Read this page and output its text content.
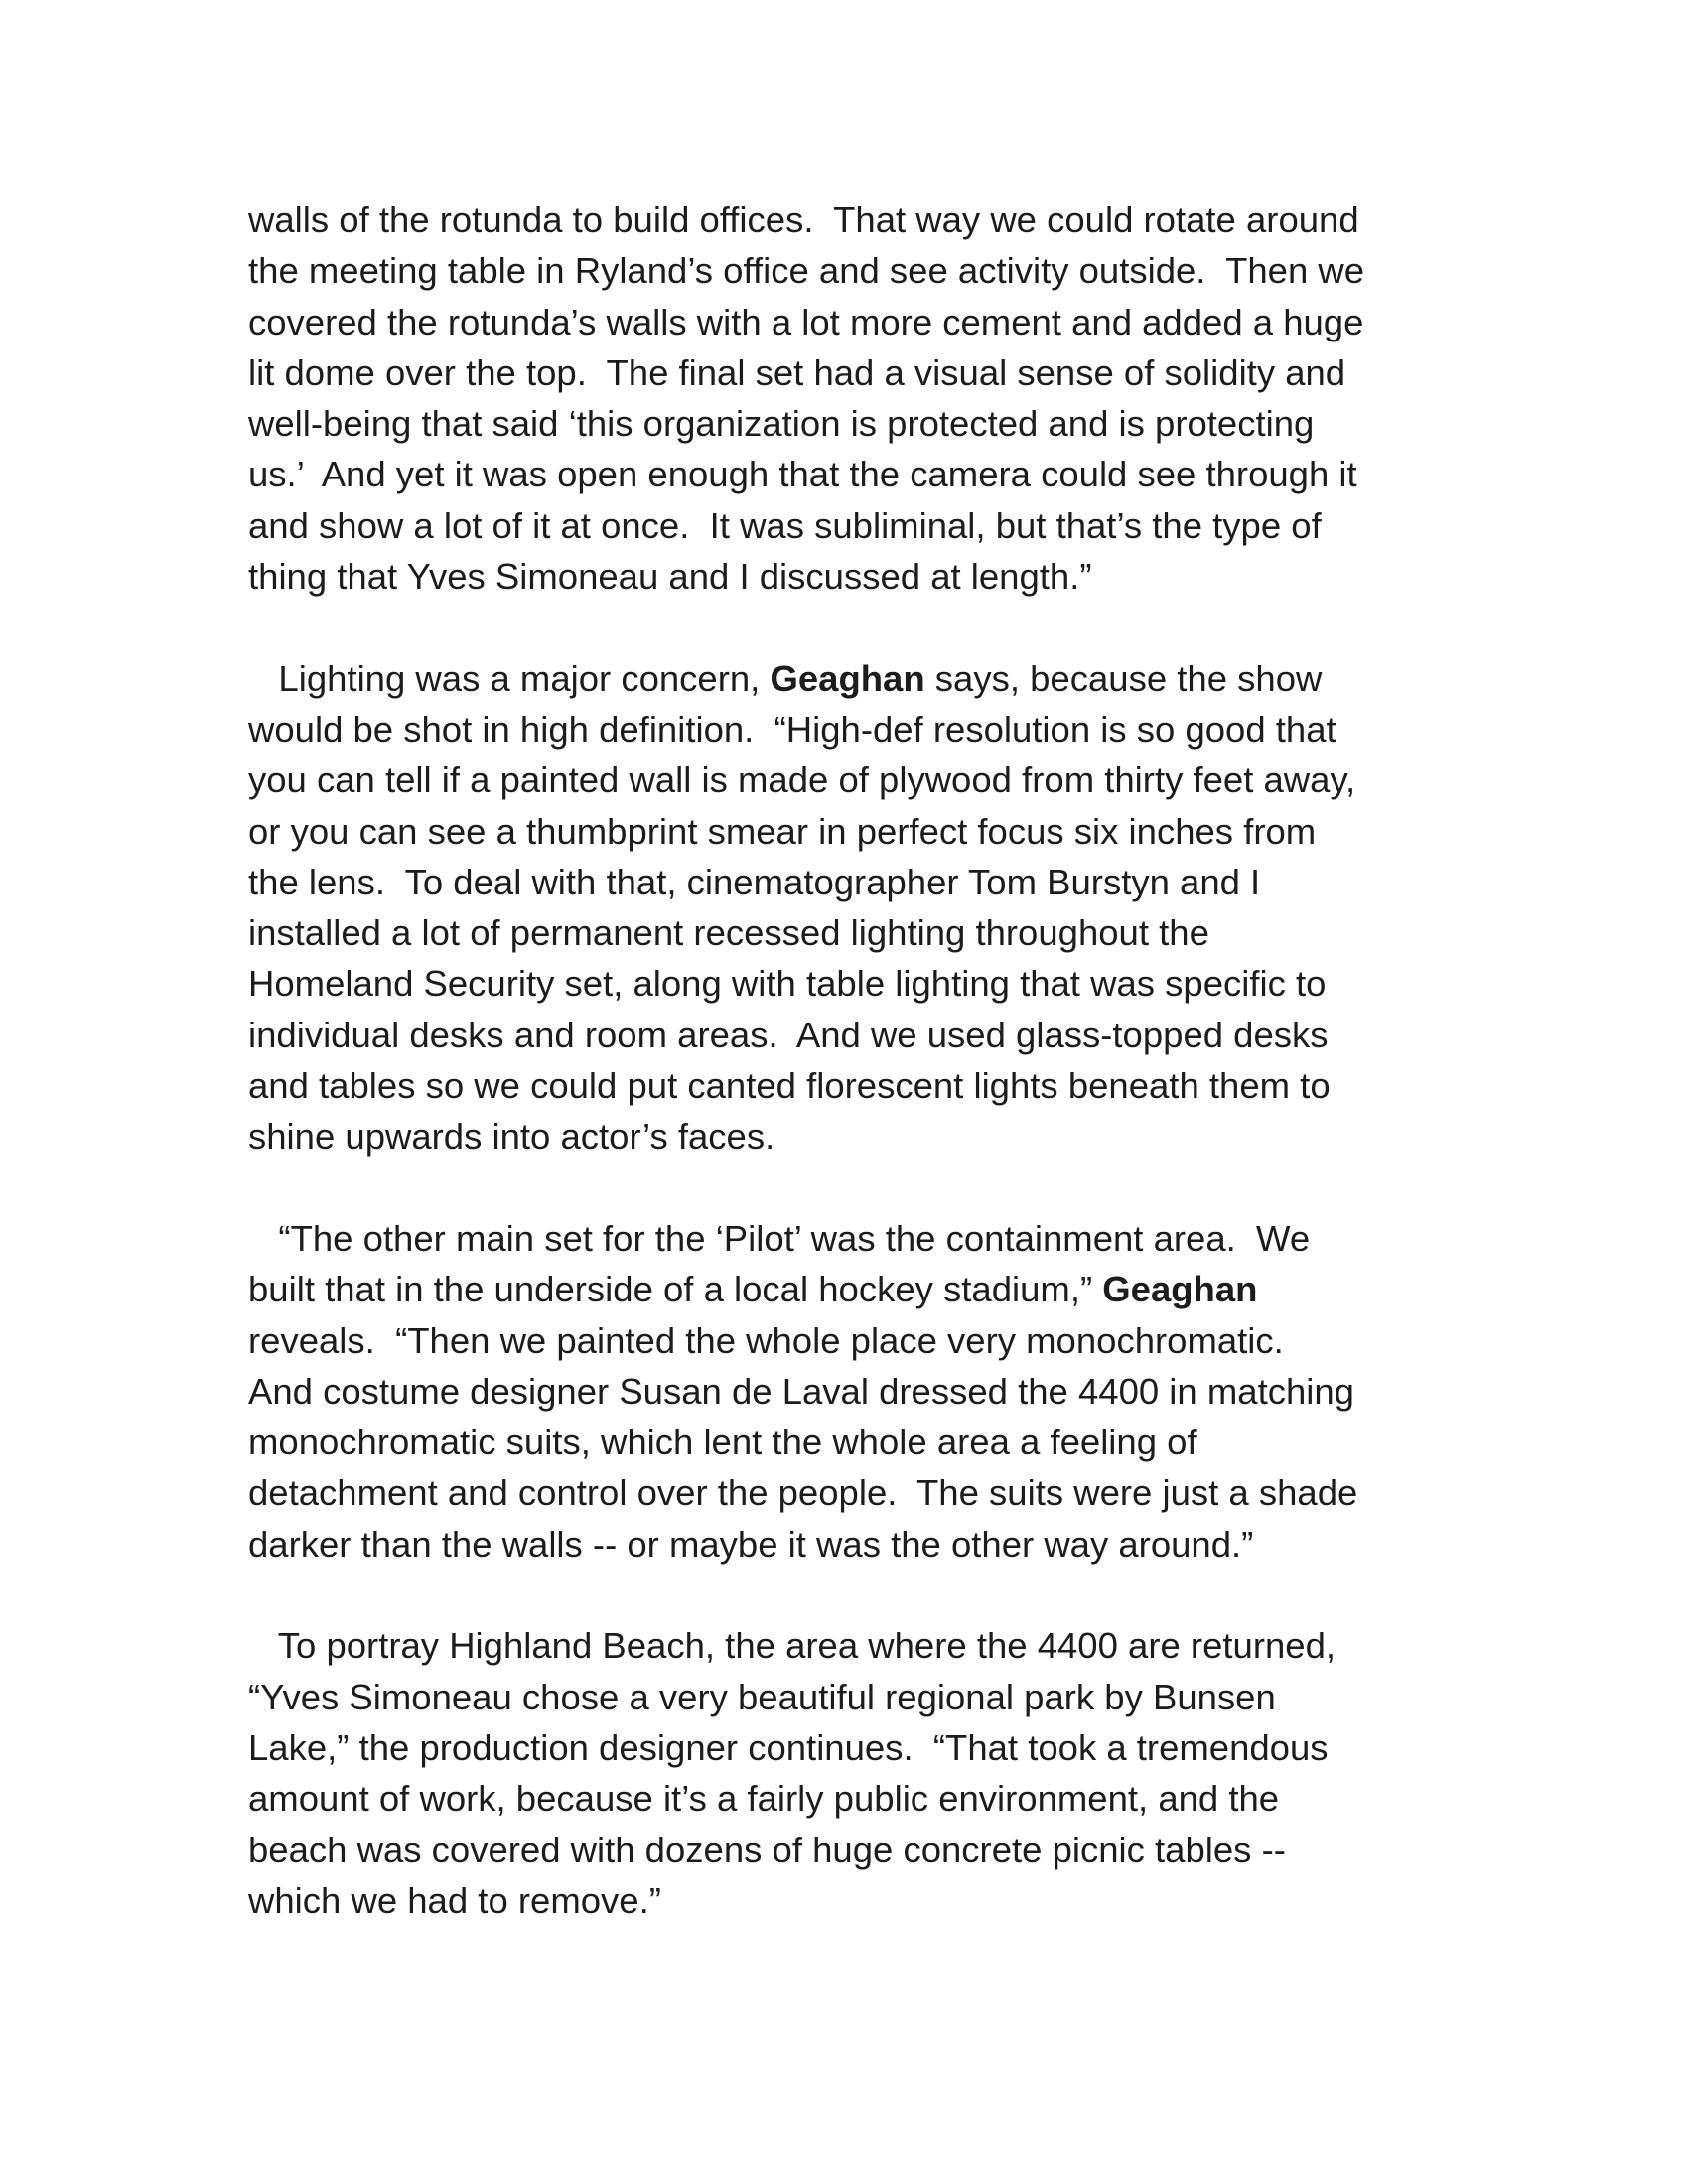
walls of the rotunda to build offices.  That way we could rotate around
the meeting table in Ryland’s office and see activity outside.  Then we
covered the rotunda’s walls with a lot more cement and added a huge
lit dome over the top.  The final set had a visual sense of solidity and
well-being that said ‘this organization is protected and is protecting
us.’  And yet it was open enough that the camera could see through it
and show a lot of it at once.  It was subliminal, but that’s the type of
thing that Yves Simoneau and I discussed at length.”
Lighting was a major concern, Geaghan says, because the show
would be shot in high definition.  “High-def resolution is so good that
you can tell if a painted wall is made of plywood from thirty feet away,
or you can see a thumbprint smear in perfect focus six inches from
the lens.  To deal with that, cinematographer Tom Burstyn and I
installed a lot of permanent recessed lighting throughout the
Homeland Security set, along with table lighting that was specific to
individual desks and room areas.  And we used glass-topped desks
and tables so we could put canted florescent lights beneath them to
shine upwards into actor’s faces.
“The other main set for the ‘Pilot’ was the containment area.  We
built that in the underside of a local hockey stadium,” Geaghan
reveals.  “Then we painted the whole place very monochromatic.
And costume designer Susan de Laval dressed the 4400 in matching
monochromatic suits, which lent the whole area a feeling of
detachment and control over the people.  The suits were just a shade
darker than the walls -- or maybe it was the other way around.”
To portray Highland Beach, the area where the 4400 are returned,
“Yves Simoneau chose a very beautiful regional park by Bunsen
Lake,” the production designer continues.  “That took a tremendous
amount of work, because it’s a fairly public environment, and the
beach was covered with dozens of huge concrete picnic tables --
which we had to remove.”
